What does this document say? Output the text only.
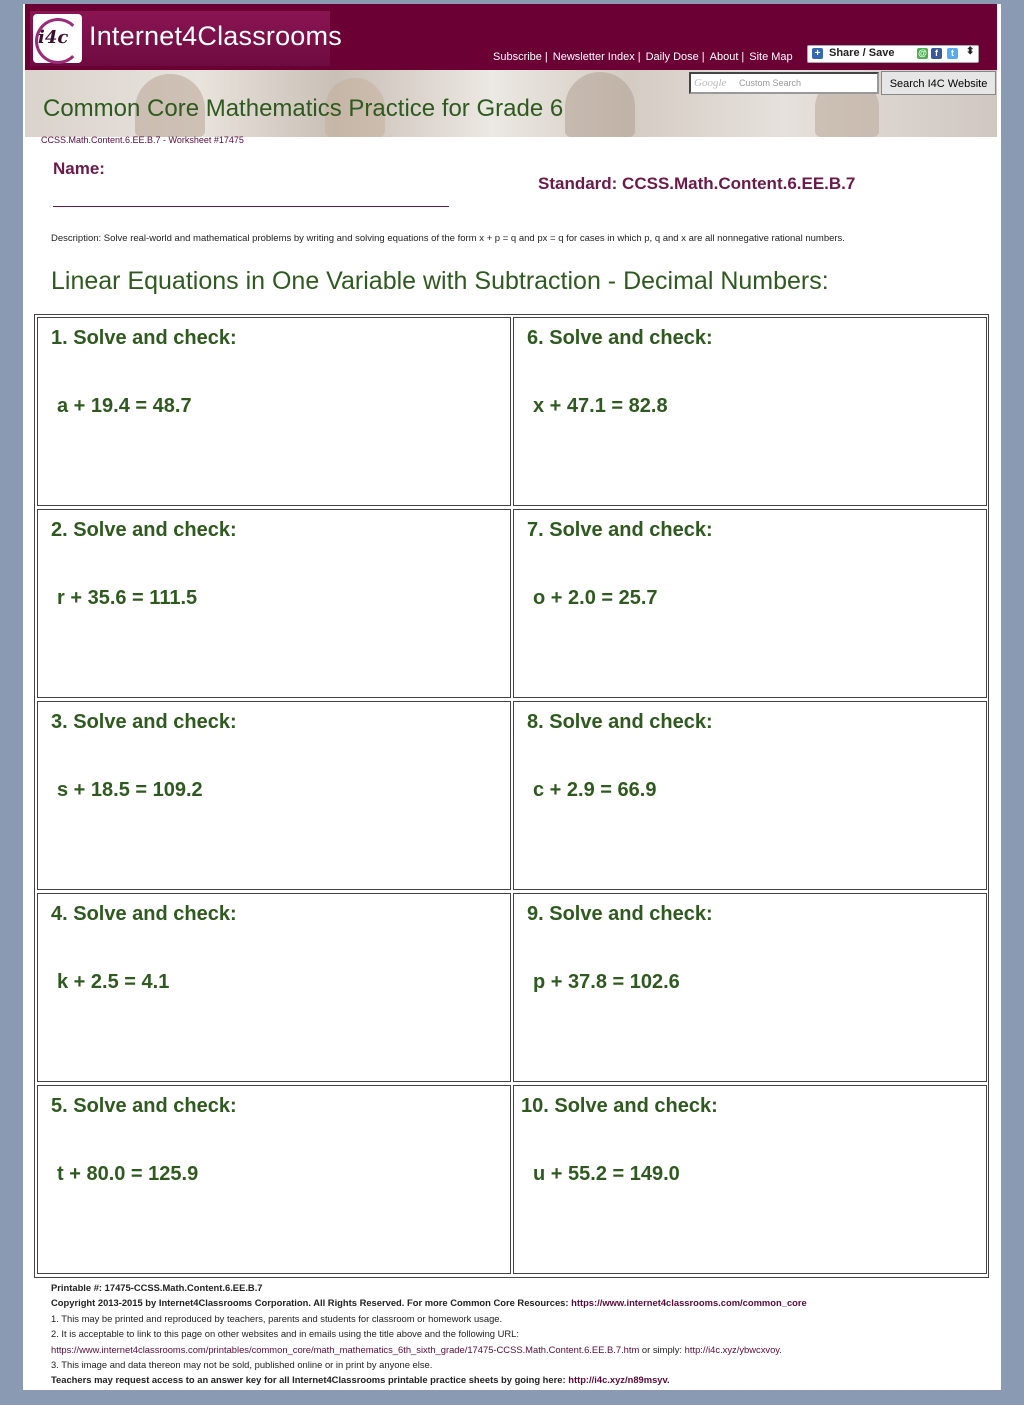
i4c Internet4Classrooms
Subscribe | Newsletter Index | Daily Dose | About | Site Map + Share / Save	@ f	t	⬍
Google Custom Search	Search I4C Website
Common Core Mathematics Practice for Grade 6
CCSS.Math.Content.6.EE.B.7 - Worksheet #17475
Name:
Standard: CCSS.Math.Content.6.EE.B.7
Description: Solve real-world and mathematical problems by writing and solving equations of the form x + p = q and px = q for cases in which p, q and x are all nonnegative rational numbers.
Linear Equations in One Variable with Subtraction - Decimal Numbers:
1. Solve and check:
a + 19.4 = 48.7
6. Solve and check:
x + 47.1 = 82.8
2. Solve and check:
r + 35.6 = 111.5
7. Solve and check:
o + 2.0 = 25.7
3. Solve and check:
s + 18.5 = 109.2
8. Solve and check:
c + 2.9 = 66.9
4. Solve and check:
k + 2.5 = 4.1
9. Solve and check:
p + 37.8 = 102.6
5. Solve and check:
t + 80.0 = 125.9
10. Solve and check:
u + 55.2 = 149.0
Printable #: 17475-CCSS.Math.Content.6.EE.B.7
Copyright 2013-2015 by Internet4Classrooms Corporation. All Rights Reserved. For more Common Core Resources: https://www.internet4classrooms.com/common_core
1. This may be printed and reproduced by teachers, parents and students for classroom or homework usage.
2. It is acceptable to link to this page on other websites and in emails using the title above and the following URL:
https://www.internet4classrooms.com/printables/common_core/math_mathematics_6th_sixth_grade/17475-CCSS.Math.Content.6.EE.B.7.htm or simply: http://i4c.xyz/ybwcxvoy.
3. This image and data thereon may not be sold, published online or in print by anyone else.
Teachers may request access to an answer key for all Internet4Classrooms printable practice sheets by going here: http://i4c.xyz/n89msyv.
